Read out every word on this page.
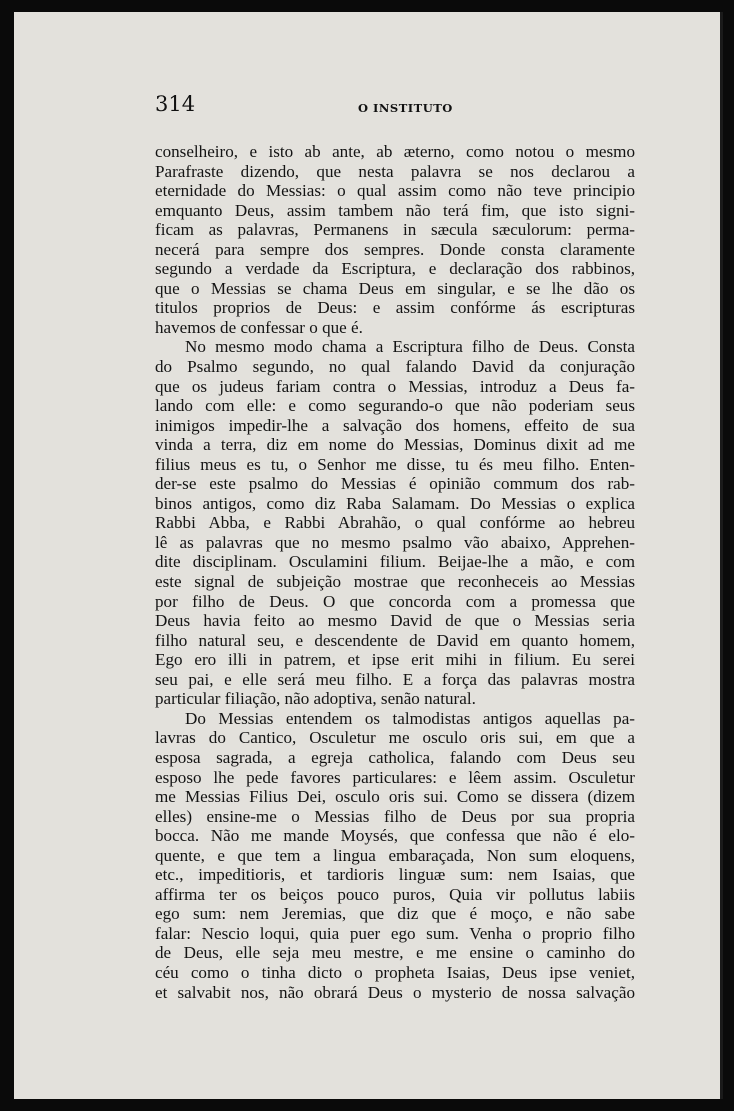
314	O INSTITUTO
conselheiro, e isto ab ante, ab æterno, como notou o mesmo
Parafraste dizendo, que nesta palavra se nos declarou a
eternidade do Messias: o qual assim como não teve principio
emquanto Deus, assim tambem não terá fim, que isto signi-
ficam as palavras, Permanens in sæcula sæculorum: perma-
necerá para sempre dos sempres. Donde consta claramente
segundo a verdade da Escriptura, e declaração dos rabbinos,
que o Messias se chama Deus em singular, e se lhe dão os
titulos proprios de Deus: e assim confórme ás escripturas
havemos de confessar o que é.
No mesmo modo chama a Escriptura filho de Deus. Consta
do Psalmo segundo, no qual falando David da conjuração
que os judeus fariam contra o Messias, introduz a Deus fa-
lando com elle: e como segurando-o que não poderiam seus
inimigos impedir-lhe a salvação dos homens, effeito de sua
vinda a terra, diz em nome do Messias, Dominus dixit ad me
filius meus es tu, o Senhor me disse, tu és meu filho. Enten-
der-se este psalmo do Messias é opinião commum dos rab-
binos antigos, como diz Raba Salamam. Do Messias o explica
Rabbi Abba, e Rabbi Abrahão, o qual confórme ao hebreu
lê as palavras que no mesmo psalmo vão abaixo, Apprehen-
dite disciplinam. Osculamini filium. Beijae-lhe a mão, e com
este signal de subjeição mostrae que reconheceis ao Messias
por filho de Deus. O que concorda com a promessa que
Deus havia feito ao mesmo David de que o Messias seria
filho natural seu, e descendente de David em quanto homem,
Ego ero illi in patrem, et ipse erit mihi in filium. Eu serei
seu pai, e elle será meu filho. E a força das palavras mostra
particular filiação, não adoptiva, senão natural.
Do Messias entendem os talmodistas antigos aquellas pa-
lavras do Cantico, Osculetur me osculo oris sui, em que a
esposa sagrada, a egreja catholica, falando com Deus seu
esposo lhe pede favores particulares: e lêem assim. Osculetur
me Messias Filius Dei, osculo oris sui. Como se dissera (dizem
elles) ensine-me o Messias filho de Deus por sua propria
bocca. Não me mande Moysés, que confessa que não é elo-
quente, e que tem a lingua embaraçada, Non sum eloquens,
etc., impeditioris, et tardioris linguæ sum: nem Isaias, que
affirma ter os beiços pouco puros, Quia vir pollutus labiis
ego sum: nem Jeremias, que diz que é moço, e não sabe
falar: Nescio loqui, quia puer ego sum. Venha o proprio filho
de Deus, elle seja meu mestre, e me ensine o caminho do
céu como o tinha dicto o propheta Isaias, Deus ipse veniet,
et salvabit nos, não obrará Deus o mysterio de nossa salvação
